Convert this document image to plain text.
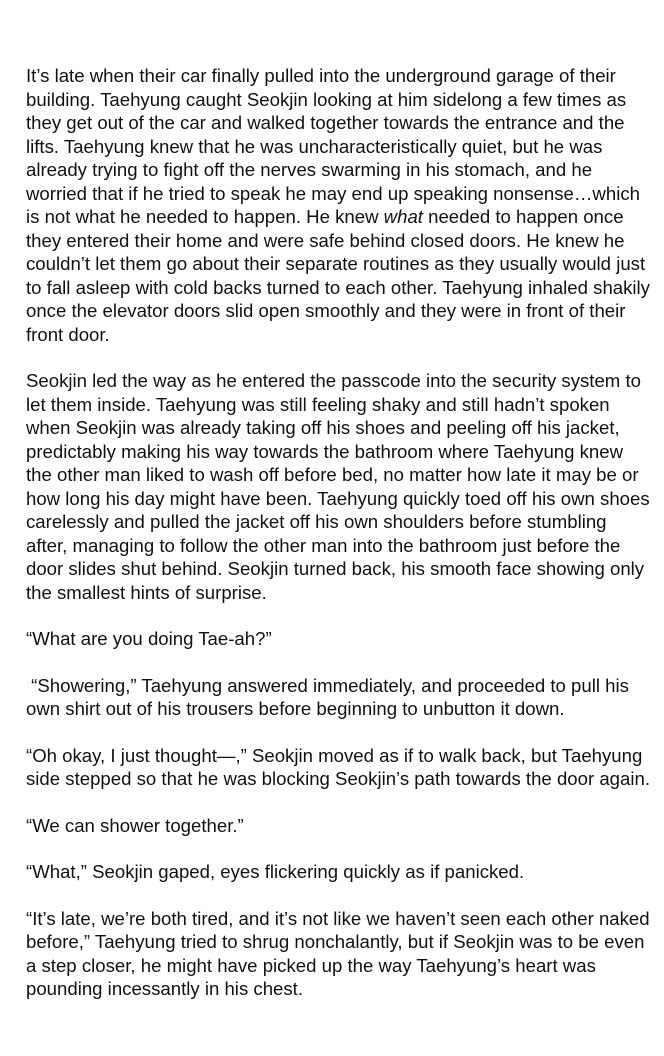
It’s late when their car finally pulled into the underground garage of their building. Taehyung caught Seokjin looking at him sidelong a few times as they get out of the car and walked together towards the entrance and the lifts. Taehyung knew that he was uncharacteristically quiet, but he was already trying to fight off the nerves swarming in his stomach, and he worried that if he tried to speak he may end up speaking nonsense…which is not what he needed to happen. He knew what needed to happen once they entered their home and were safe behind closed doors. He knew he couldn’t let them go about their separate routines as they usually would just to fall asleep with cold backs turned to each other. Taehyung inhaled shakily once the elevator doors slid open smoothly and they were in front of their front door.

Seokjin led the way as he entered the passcode into the security system to let them inside. Taehyung was still feeling shaky and still hadn’t spoken when Seokjin was already taking off his shoes and peeling off his jacket, predictably making his way towards the bathroom where Taehyung knew the other man liked to wash off before bed, no matter how late it may be or how long his day might have been. Taehyung quickly toed off his own shoes carelessly and pulled the jacket off his own shoulders before stumbling after, managing to follow the other man into the bathroom just before the door slides shut behind. Seokjin turned back, his smooth face showing only the smallest hints of surprise.

“What are you doing Tae-ah?”

“Showering,” Taehyung answered immediately, and proceeded to pull his own shirt out of his trousers before beginning to unbutton it down.

“Oh okay, I just thought—,” Seokjin moved as if to walk back, but Taehyung side stepped so that he was blocking Seokjin’s path towards the door again.

“We can shower together.”

“What,” Seokjin gaped, eyes flickering quickly as if panicked.

“It’s late, we’re both tired, and it’s not like we haven’t seen each other naked before,” Taehyung tried to shrug nonchalantly, but if Seokjin was to be even a step closer, he might have picked up the way Taehyung’s heart was pounding incessantly in his chest.
